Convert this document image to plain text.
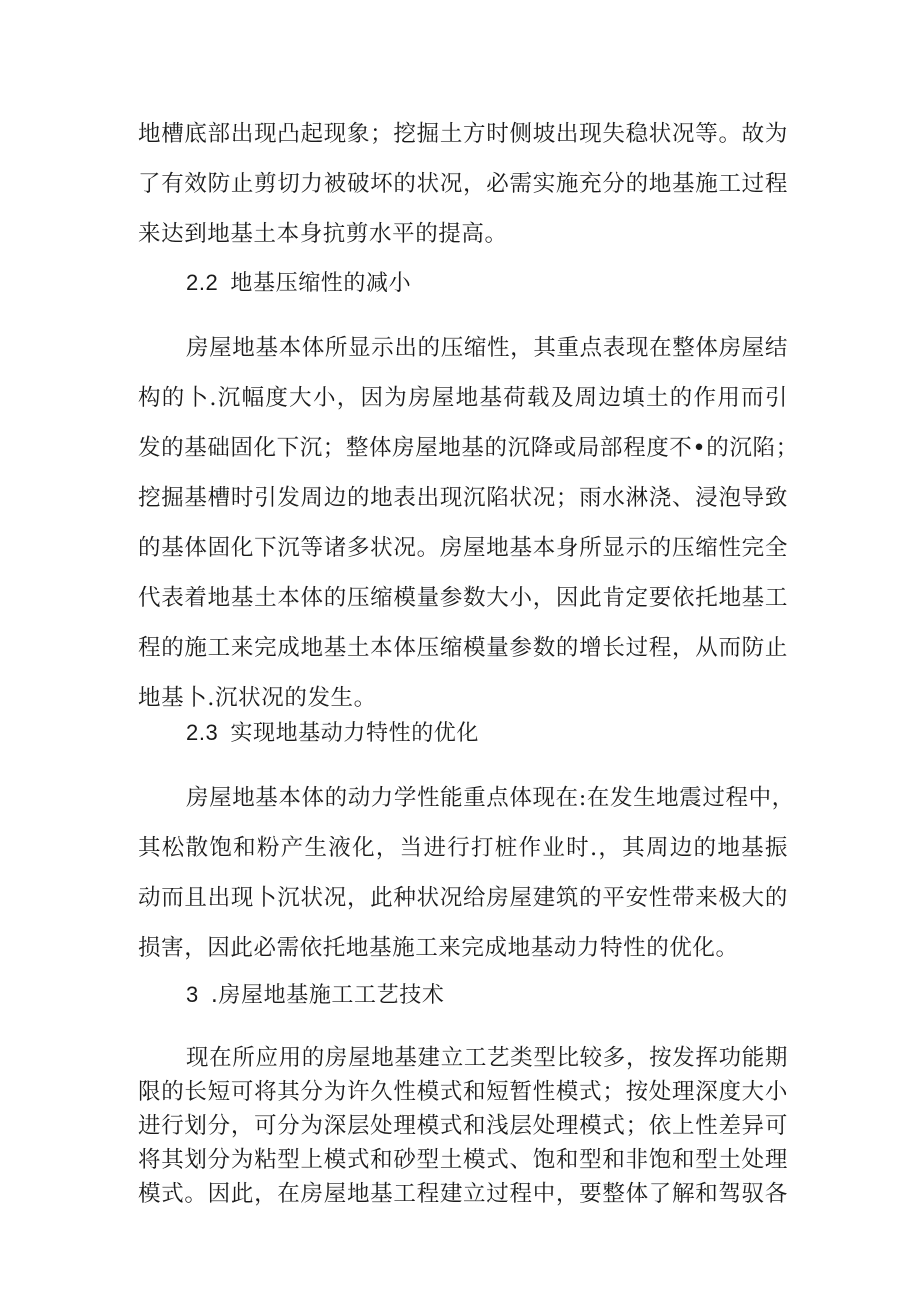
地槽底部出现凸起现象；挖掘土方时侧坡出现失稳状况等。故为
了有效防止剪切力被破坏的状况，必需实施充分的地基施工过程
来达到地基土本身抗剪水平的提高。
2.2 地基压缩性的减小
房屋地基本体所显示出的压缩性，其重点表现在整体房屋结
构的卜.沉幅度大小，因为房屋地基荷载及周边填土的作用而引
发的基础固化下沉；整体房屋地基的沉降或局部程度不•的沉陷；
挖掘基槽时引发周边的地表出现沉陷状况；雨水淋浇、浸泡导致
的基体固化下沉等诸多状况。房屋地基本身所显示的压缩性完全
代表着地基土本体的压缩模量参数大小，因此肯定要依托地基工
程的施工来完成地基土本体压缩模量参数的增长过程，从而防止
地基卜.沉状况的发生。
2.3 实现地基动力特性的优化
房屋地基本体的动力学性能重点体现在:在发生地震过程中，
其松散饱和粉产生液化，当进行打桩作业时.，其周边的地基振
动而且出现卜沉状况，此种状况给房屋建筑的平安性带来极大的
损害，因此必需依托地基施工来完成地基动力特性的优化。
3 .房屋地基施工工艺技术
现在所应用的房屋地基建立工艺类型比较多，按发挥功能期
限的长短可将其分为许久性模式和短暂性模式；按处理深度大小
进行划分，可分为深层处理模式和浅层处理模式；依上性差异可
将其划分为粘型上模式和砂型土模式、饱和型和非饱和型土处理
模式。因此，在房屋地基工程建立过程中，要整体了解和驾驭各
